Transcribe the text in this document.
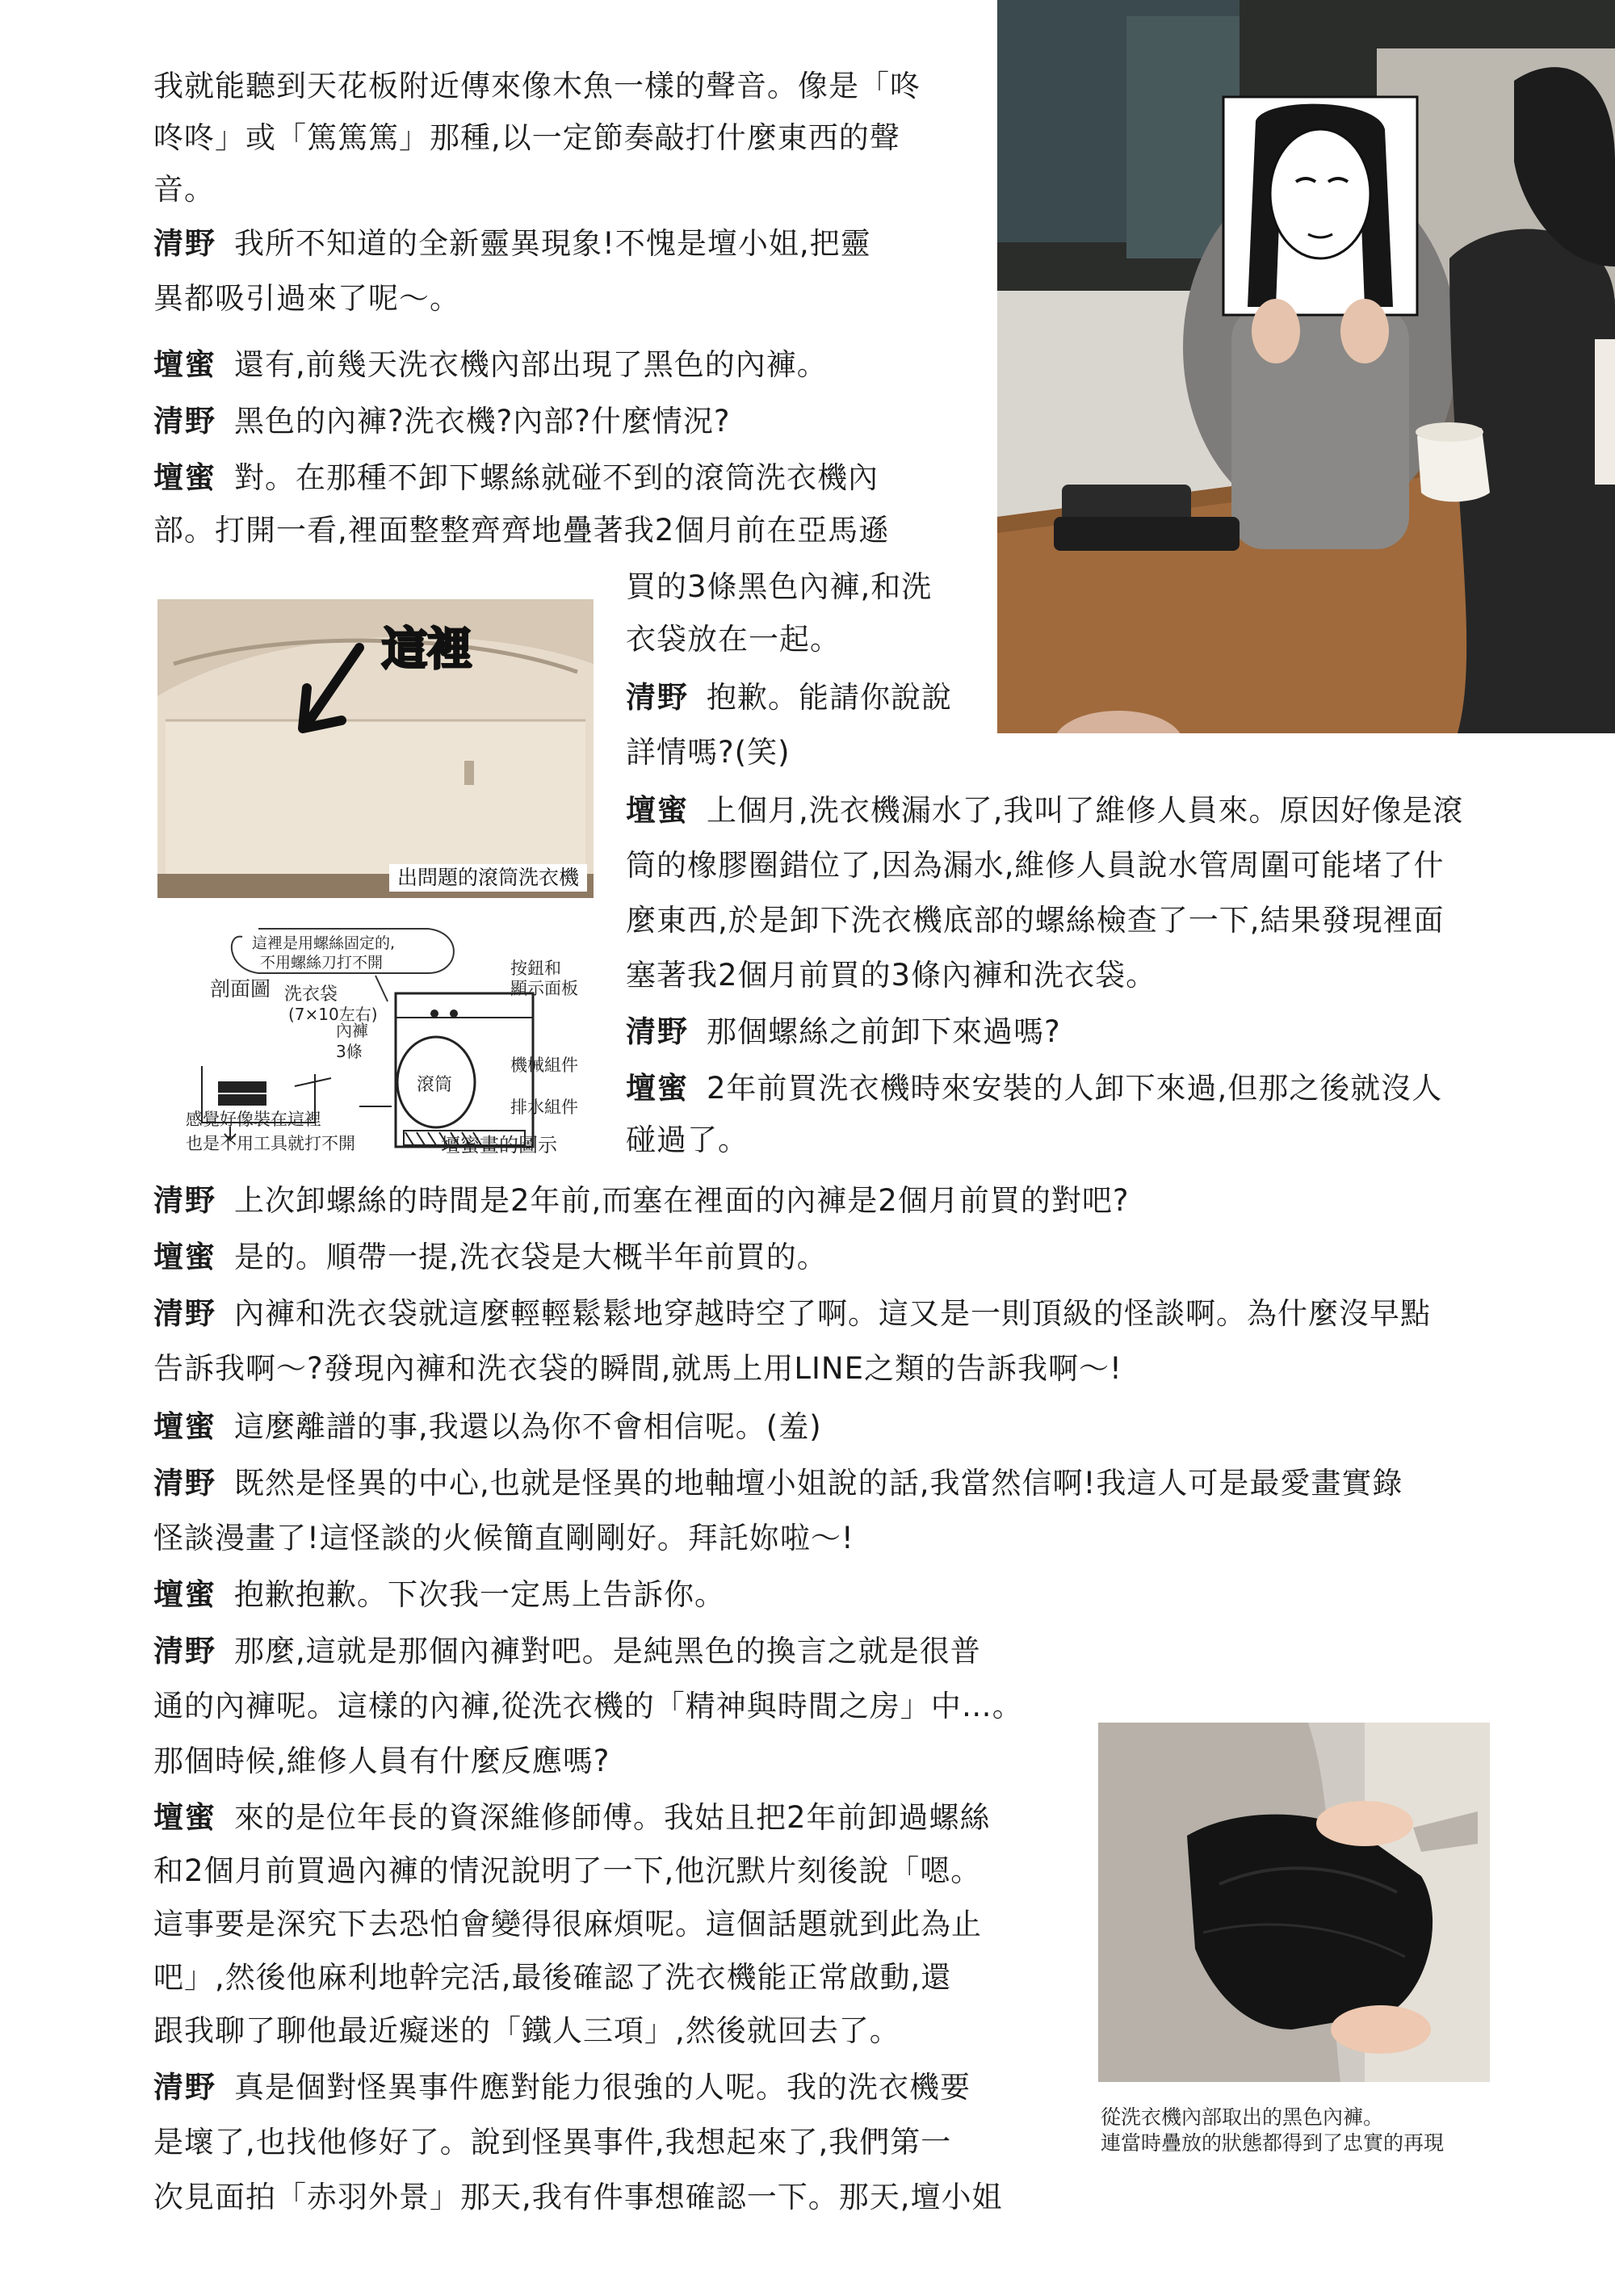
這裡
出問題的滾筒洗衣機
這裡是用螺絲固定的,
不用螺絲刀打不開
剖面圖 洗衣袋
(7×10左右)
內褲
3條
滾筒
按鈕和
顯示面板
機械組件
排水組件
感覺好像裝在這裡
也是不用工具就打不開	壇蜜畫的圖示
從洗衣機內部取出的黑色內褲。
連當時疊放的狀態都得到了忠實的再現

我就能聽到天花板附近傳來像木魚一樣的聲音。像是「咚

咚咚」或「篤篤篤」那種,以一定節奏敲打什麼東西的聲

音。

清野 我所不知道的全新靈異現象!不愧是壇小姐,把靈

異都吸引過來了呢〜。

壇蜜 還有,前幾天洗衣機內部出現了黑色的內褲。

清野 黑色的內褲?洗衣機?內部?什麼情況?

壇蜜 對。在那種不卸下螺絲就碰不到的滾筒洗衣機內

部。打開一看,裡面整整齊齊地疊著我2個月前在亞馬遜

買的3條黑色內褲,和洗

衣袋放在一起。

清野 抱歉。能請你說說

詳情嗎?(笑)

壇蜜 上個月,洗衣機漏水了,我叫了維修人員來。原因好像是滾

筒的橡膠圈錯位了,因為漏水,維修人員說水管周圍可能堵了什

麼東西,於是卸下洗衣機底部的螺絲檢查了一下,結果發現裡面

塞著我2個月前買的3條內褲和洗衣袋。

清野 那個螺絲之前卸下來過嗎?

壇蜜 2年前買洗衣機時來安裝的人卸下來過,但那之後就沒人

碰過了。

清野 上次卸螺絲的時間是2年前,而塞在裡面的內褲是2個月前買的對吧?

壇蜜 是的。順帶一提,洗衣袋是大概半年前買的。

清野 內褲和洗衣袋就這麼輕輕鬆鬆地穿越時空了啊。這又是一則頂級的怪談啊。為什麼沒早點

告訴我啊〜?發現內褲和洗衣袋的瞬間,就馬上用LINE之類的告訴我啊〜!

壇蜜 這麼離譜的事,我還以為你不會相信呢。(羞)

清野 既然是怪異的中心,也就是怪異的地軸壇小姐說的話,我當然信啊!我這人可是最愛畫實錄

怪談漫畫了!這怪談的火候簡直剛剛好。拜託妳啦〜!

壇蜜 抱歉抱歉。下次我一定馬上告訴你。

清野 那麼,這就是那個內褲對吧。是純黑色的換言之就是很普

通的內褲呢。這樣的內褲,從洗衣機的「精神與時間之房」中…。

那個時候,維修人員有什麼反應嗎?

壇蜜 來的是位年長的資深維修師傅。我姑且把2年前卸過螺絲

和2個月前買過內褲的情況說明了一下,他沉默片刻後說「嗯。

這事要是深究下去恐怕會變得很麻煩呢。這個話題就到此為止

吧」,然後他麻利地幹完活,最後確認了洗衣機能正常啟動,還

跟我聊了聊他最近癡迷的「鐵人三項」,然後就回去了。

清野 真是個對怪異事件應對能力很強的人呢。我的洗衣機要

是壞了,也找他修好了。說到怪異事件,我想起來了,我們第一

次見面拍「赤羽外景」那天,我有件事想確認一下。那天,壇小姐
